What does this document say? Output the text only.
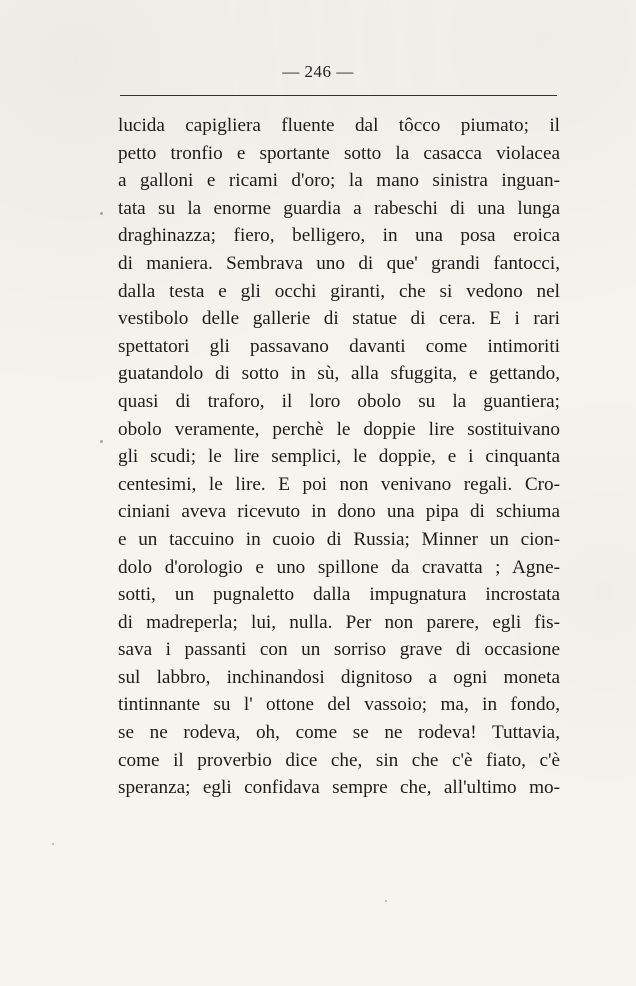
— 246 —
lucida capigliera fluente dal tôcco piumato; il
petto tronfio e sportante sotto la casacca violacea
a galloni e ricami d'oro; la mano sinistra inguan-
tata su la enorme guardia a rabeschi di una lunga
draghinazza; fiero, belligero, in una posa eroica
di maniera. Sembrava uno di que' grandi fantocci,
dalla testa e gli occhi giranti, che si vedono nel
vestibolo delle gallerie di statue di cera. E i rari
spettatori gli passavano davanti come intimoriti
guatandolo di sotto in sù, alla sfuggita, e gettando,
quasi di traforo, il loro obolo su la guantiera;
obolo veramente, perchè le doppie lire sostituivano
gli scudi; le lire semplici, le doppie, e i cinquanta
centesimi, le lire. E poi non venivano regali. Cro-
ciniani aveva ricevuto in dono una pipa di schiuma
e un taccuino in cuoio di Russia; Minner un cion-
dolo d'orologio e uno spillone da cravatta ; Agne-
sotti, un pugnaletto dalla impugnatura incrostata
di madreperla; lui, nulla. Per non parere, egli fis-
sava i passanti con un sorriso grave di occasione
sul labbro, inchinandosi dignitoso a ogni moneta
tintinnante su l' ottone del vassoio; ma, in fondo,
se ne rodeva, oh, come se ne rodeva! Tuttavia,
come il proverbio dice che, sin che c'è fiato, c'è
speranza; egli confidava sempre che, all'ultimo mo-
